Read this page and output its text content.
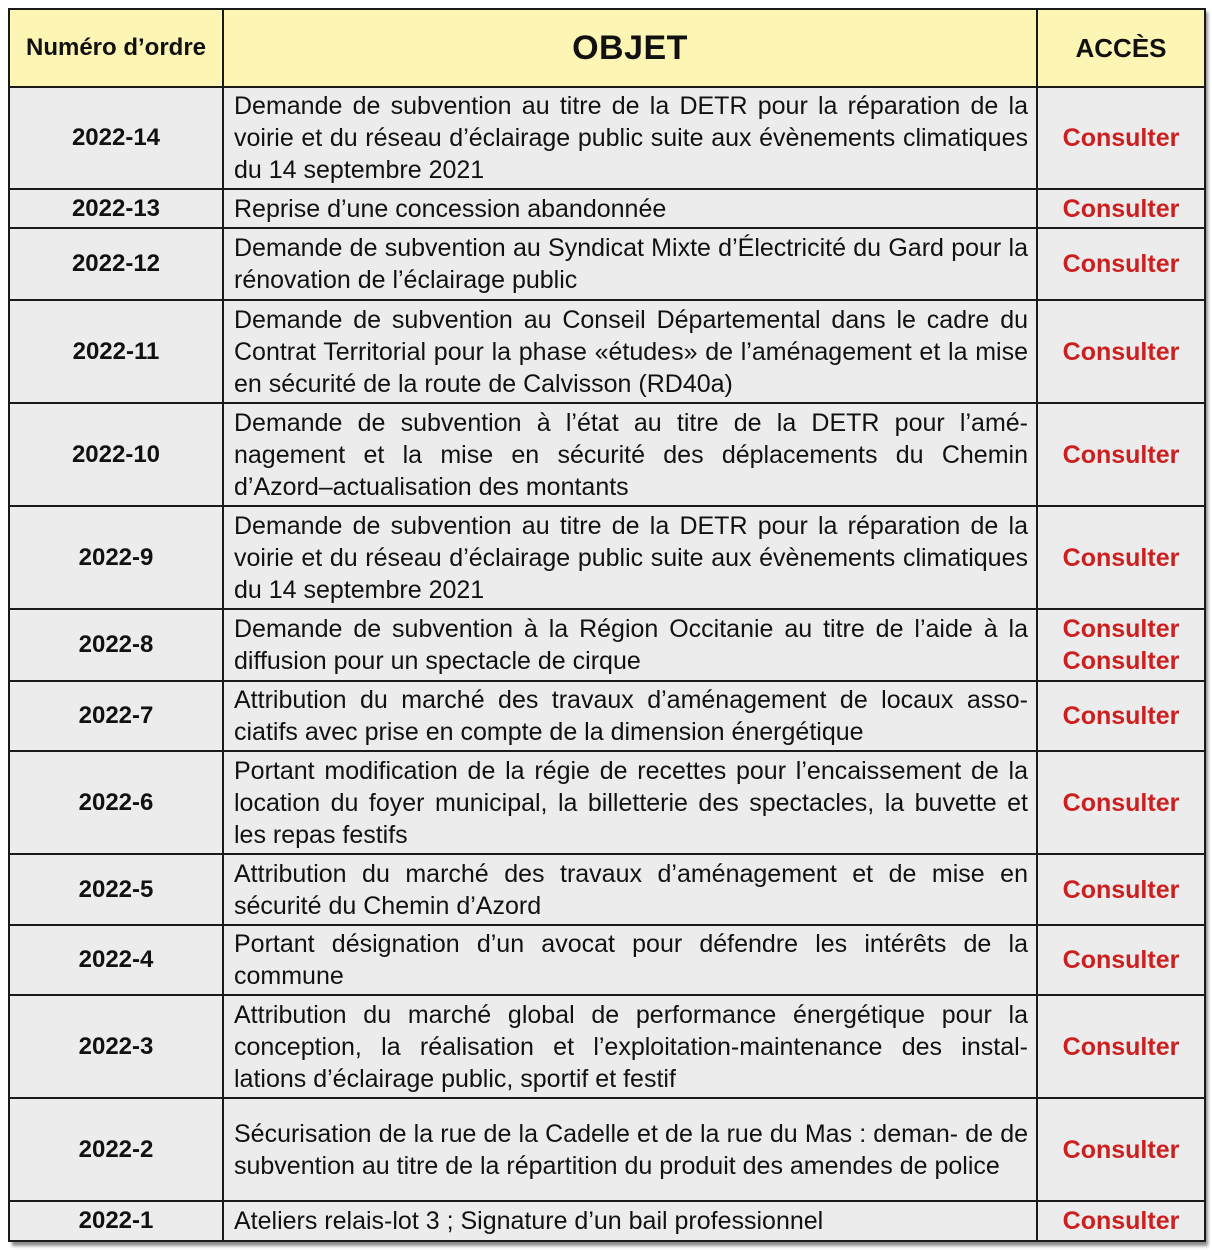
Numéro d’ordre	OBJET	ACCÈS
2022-14	Demande de subvention au titre de la DETR pour la réparation de la voirie et du réseau d’éclairage public suite aux évènements climatiques du 14 septembre 2021	Consulter

2022-13	Reprise d’une concession abandonnée	Consulter

2022-12	Demande de subvention au Syndicat Mixte d’Électricité du Gard pour la rénovation de l’éclairage public	Consulter

2022-11	Demande de subvention au Conseil Départemental dans le cadre du Contrat Territorial pour la phase «études» de l’aménagement et la mise en sécurité de la route de Calvisson (RD40a)	Consulter

2022-10	Demande de subvention à l’état au titre de la DETR pour l’amé- nagement et la mise en sécurité des déplacements du Chemin d’Azord–actualisation des montants	Consulter

2022-9	Demande de subvention au titre de la DETR pour la réparation de la voirie et du réseau d’éclairage public suite aux évènements climatiques du 14 septembre 2021	Consulter

2022-8	Demande de subvention à la Région Occitanie au titre de l’aide à la diffusion pour un spectacle de cirque	Consulter
Consulter

2022-7	Attribution du marché des travaux d’aménagement de locaux asso- ciatifs avec prise en compte de la dimension énergétique	Consulter

2022-6	Portant modification de la régie de recettes pour l’encaissement de la location du foyer municipal, la billetterie des spectacles, la buvette et les repas festifs	Consulter

2022-5	Attribution du marché des travaux d’aménagement et de mise en sécurité du Chemin d’Azord	Consulter

2022-4	Portant désignation d’un avocat pour défendre les intérêts de la commune	Consulter

2022-3	Attribution du marché global de performance énergétique pour la conception, la réalisation et l’exploitation-maintenance des instal- lations d’éclairage public, sportif et festif	Consulter

2022-2	Sécurisation de la rue de la Cadelle et de la rue du Mas : deman- de de subvention au titre de la répartition du produit des amendes de police	Consulter

2022-1	Ateliers relais-lot 3 ; Signature d’un bail professionnel	Consulter
